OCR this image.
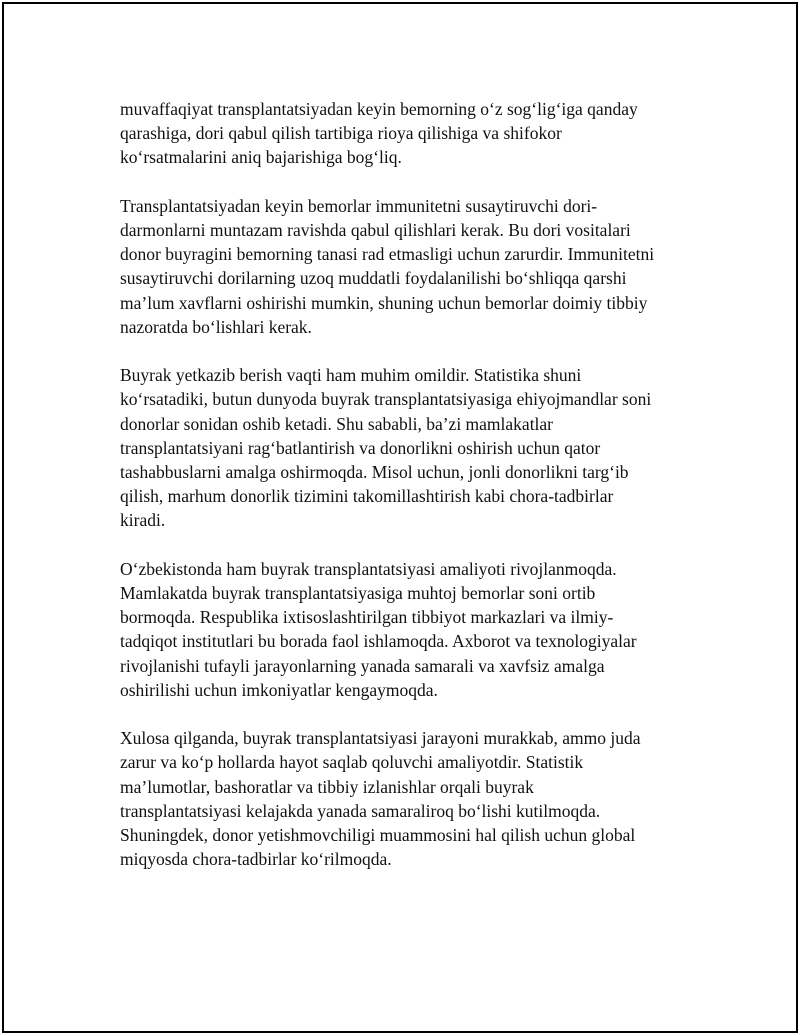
muvaffaqiyat transplantatsiyadan keyin bemorning o‘z sog‘lig‘iga qanday
qarashiga, dori qabul qilish tartibiga rioya qilishiga va shifokor
ko‘rsatmalarini aniq bajarishiga bog‘liq.

Transplantatsiyadan keyin bemorlar immunitetni susaytiruvchi dori-
darmonlarni muntazam ravishda qabul qilishlari kerak. Bu dori vositalari
donor buyragini bemorning tanasi rad etmasligi uchun zarurdir. Immunitetni
susaytiruvchi dorilarning uzoq muddatli foydalanilishi bo‘shliqqa qarshi
ma’lum xavflarni oshirishi mumkin, shuning uchun bemorlar doimiy tibbiy
nazoratda bo‘lishlari kerak.

Buyrak yetkazib berish vaqti ham muhim omildir. Statistika shuni
ko‘rsatadiki, butun dunyoda buyrak transplantatsiyasiga ehiyojmandlar soni
donorlar sonidan oshib ketadi. Shu sababli, ba’zi mamlakatlar
transplantatsiyani rag‘batlantirish va donorlikni oshirish uchun qator
tashabbuslarni amalga oshirmoqda. Misol uchun, jonli donorlikni targ‘ib
qilish, marhum donorlik tizimini takomillashtirish kabi chora-tadbirlar
kiradi.

O‘zbekistonda ham buyrak transplantatsiyasi amaliyoti rivojlanmoqda.
Mamlakatda buyrak transplantatsiyasiga muhtoj bemorlar soni ortib
bormoqda. Respublika ixtisoslashtirilgan tibbiyot markazlari va ilmiy-
tadqiqot institutlari bu borada faol ishlamoqda. Axborot va texnologiyalar
rivojlanishi tufayli jarayonlarning yanada samarali va xavfsiz amalga
oshirilishi uchun imkoniyatlar kengaymoqda.

Xulosa qilganda, buyrak transplantatsiyasi jarayoni murakkab, ammo juda
zarur va ko‘p hollarda hayot saqlab qoluvchi amaliyotdir. Statistik
ma’lumotlar, bashoratlar va tibbiy izlanishlar orqali buyrak
transplantatsiyasi kelajakda yanada samaraliroq bo‘lishi kutilmoqda.
Shuningdek, donor yetishmovchiligi muammosini hal qilish uchun global
miqyosda chora-tadbirlar ko‘rilmoqda.
